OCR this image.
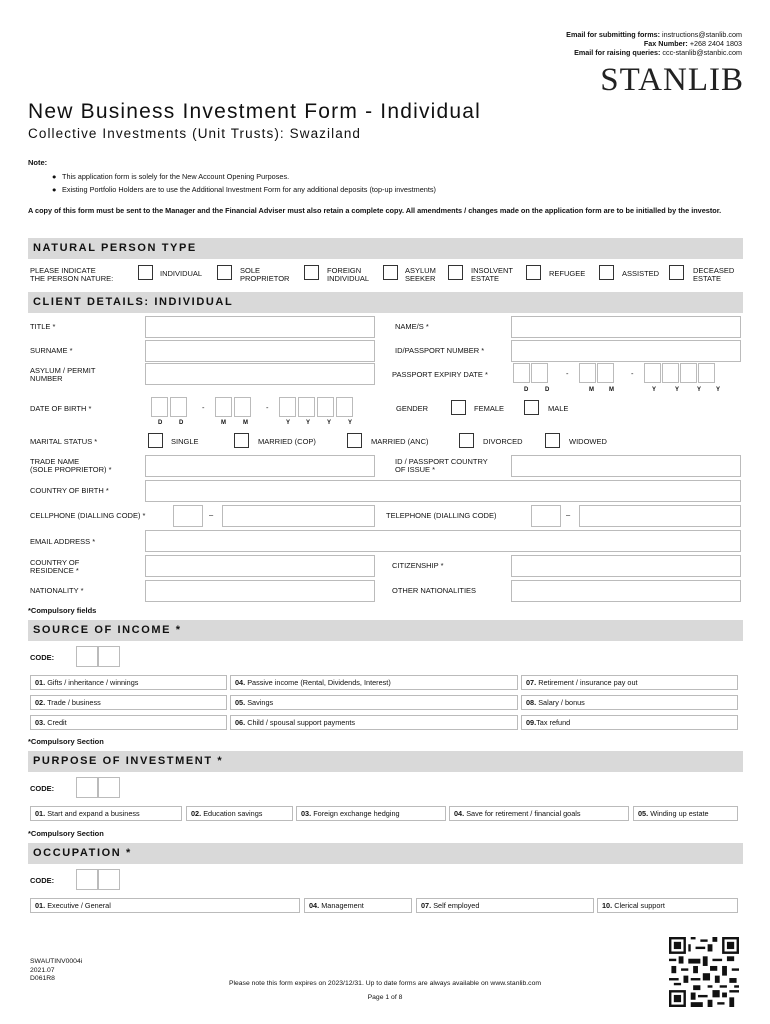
Email for submitting forms: instructions@stanlib.com
Fax Number: +268 2404 1803
Email for raising queries: ccc-stanlib@stanbic.com
STANLIB
New Business Investment Form - Individual
Collective Investments (Unit Trusts): Swaziland
Note:
● This application form is solely for the New Account Opening Purposes.
● Existing Portfolio Holders are to use the Additional Investment Form for any additional deposits (top-up investments)
A copy of this form must be sent to the Manager and the Financial Adviser must also retain a complete copy. All amendments / changes made on the application form are to be initialled by the investor.
NATURAL PERSON TYPE
PLEASE INDICATE
THE PERSON NATURE:
INDIVIDUAL	SOLE
PROPRIETOR
FOREIGN
INDIVIDUAL
ASYLUM
SEEKER
INSOLVENT
ESTATE
REFUGEE	ASSISTED	DECEASED
ESTATE
CLIENT DETAILS: INDIVIDUAL
TITLE *	NAME/S *
SURNAME *	ID/PASSPORT NUMBER *
ASYLUM / PERMIT
NUMBER	PASSPORT EXPIRY DATE *	-	-
D	D	M	M	Y	Y	Y Y
DATE OF BIRTH *	-	-
D	D	M	M	Y	Y	Y	Y
GENDER	FEMALE	MALE
MARITAL STATUS *	SINGLE	MARRIED (COP)	MARRIED (ANC)	DIVORCED	WIDOWED
TRADE NAME
(SOLE PROPRIETOR) *
ID / PASSPORT COUNTRY
OF ISSUE *
COUNTRY OF BIRTH *
CELLPHONE (DIALLING CODE) *	–	TELEPHONE (DIALLING CODE)	–
EMAIL ADDRESS *
COUNTRY OF
RESIDENCE *
CITIZENSHIP *
NATIONALITY *	OTHER NATIONALITIES
*Compulsory fields
SOURCE OF INCOME *
CODE:
01. Gifts / inheritance / winnings	04. Passive income (Rental, Dividends, Interest)	07. Retirement / insurance pay out
02. Trade / business	05. Savings	08. Salary / bonus
03. Credit	06. Child / spousal support payments	09.Tax refund
*Compulsory Section
PURPOSE OF INVESTMENT *
CODE:
01. Start and expand a business	02. Education savings	03. Foreign exchange hedging	04. Save for retirement / financial goals	05. Winding up estate
*Compulsory Section
OCCUPATION *
CODE:
01. Executive / General	04. Management	07. Self employed	10. Clerical support
SWAUTINV0004i
2021.07
D061R8
Please note this form expires on 2023/12/31. Up to date forms are always available on www.stanlib.com
Page 1 of 8
